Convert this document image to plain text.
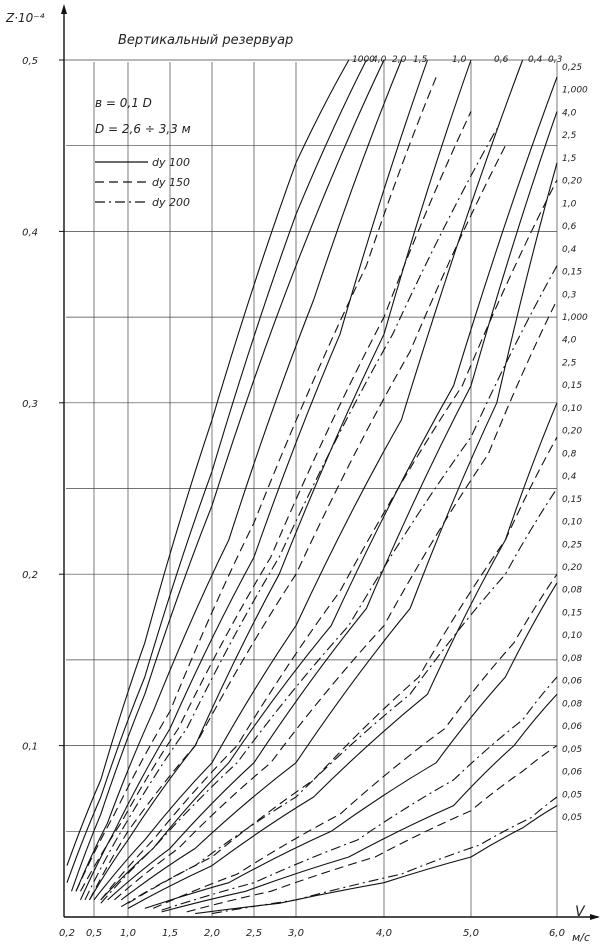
0,2 0,5 1,0	1,5	2,0	2,5	3,0	4,0	5,0	6,0
0,1
0,2
0,3
0,4
0,5
Вертикальный резервуар
Z·10⁻⁴
V
м/с
в = 0,1 D
D = 2,6 ÷ 3,3 м
dу 100
dу 150
dу 200
1000
4,0 2,0 1,5	1,0	0,6 0,4 0,3
0,25
1,000
4,0
2,5
1,5
0,20
1,0
0,6
0,4
0,15
0,3
1,000
4,0
2,5
0,15
0,10
0,20
0,8
0,4
0,15
0,10
0,25
0,20
0,08
0,15
0,10
0,08
0,06
0,08
0,06
0,05
0,06
0,05
0,05
